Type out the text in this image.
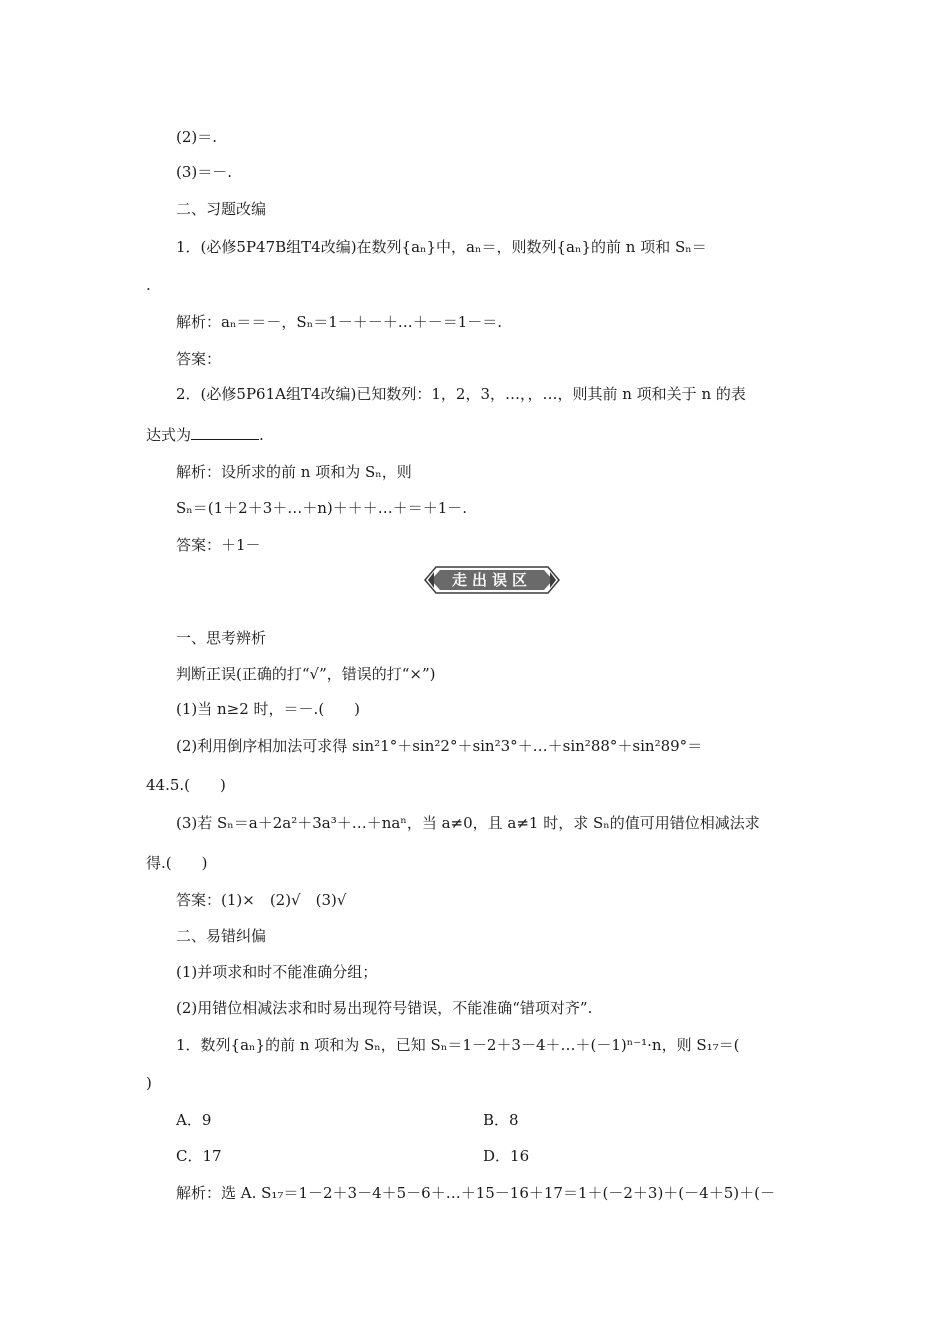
(2)＝.
(3)＝－.
二、习题改编
1．(必修5P47B组T4改编)在数列{aₙ}中，aₙ＝，则数列{aₙ}的前 n 项和 Sₙ＝
.
解析：aₙ＝＝－，Sₙ＝1－＋－＋…＋－＝1－＝.
答案：
2．(必修5P61A组T4改编)已知数列：1，2，3，…，，…，则其前 n 项和关于 n 的表
达式为	.
解析：设所求的前 n 项和为 Sₙ，则
Sₙ＝(1＋2＋3＋…＋n)＋＋＋…＋＝＋1－.
答案：＋1－
走出误区
一、思考辨析
判断正误(正确的打“√”，错误的打“×”)
(1)当 n≥2 时，＝－.(　　)
(2)利用倒序相加法可求得 sin²1°＋sin²2°＋sin²3°＋…＋sin²88°＋sin²89°＝
44.5.(　　)
(3)若 Sₙ＝a＋2a²＋3a³＋…＋naⁿ，当 a≠0，且 a≠1 时，求 Sₙ的值可用错位相减法求
得.(　　)
答案：(1)×　(2)√　(3)√
二、易错纠偏
(1)并项求和时不能准确分组；
(2)用错位相减法求和时易出现符号错误，不能准确“错项对齐”.
1．数列{aₙ}的前 n 项和为 Sₙ，已知 Sₙ＝1－2＋3－4＋…＋(－1)ⁿ⁻¹·n，则 S₁₇＝(
)
A．9	B．8
C．17	D．16
解析：选 A. S₁₇＝1－2＋3－4＋5－6＋…＋15－16＋17＝1＋(－2＋3)＋(－4＋5)＋(－
